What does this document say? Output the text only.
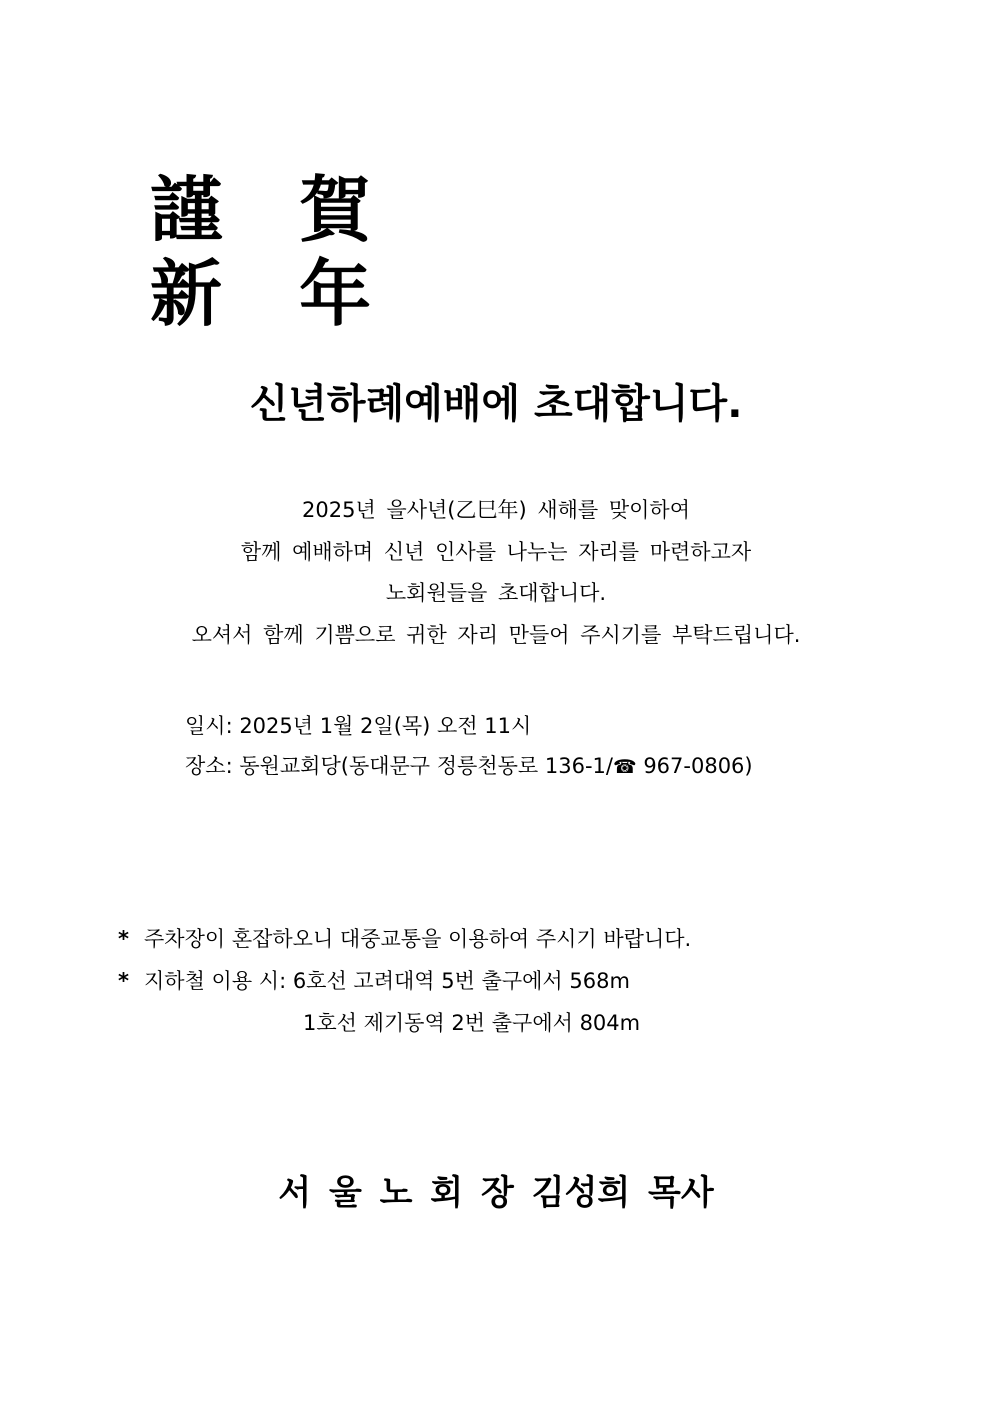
謹 賀
新 年
신년하례예배에 초대합니다.
2025년 을사년(乙巳年) 새해를 맞이하여
함께 예배하며 신년 인사를 나누는 자리를 마련하고자
노회원들을 초대합니다.
오셔서 함께 기쁨으로 귀한 자리 만들어 주시기를 부탁드립니다.
일시: 2025년 1월 2일(목) 오전 11시
장소: 동원교회당(동대문구 정릉천동로 136-1/☎ 967-0806)
* 주차장이 혼잡하오니 대중교통을 이용하여 주시기 바랍니다.
* 지하철 이용 시: 6호선 고려대역 5번 출구에서 568m
1호선 제기동역 2번 출구에서 804m
서 울 노 회 장 김성희 목사
